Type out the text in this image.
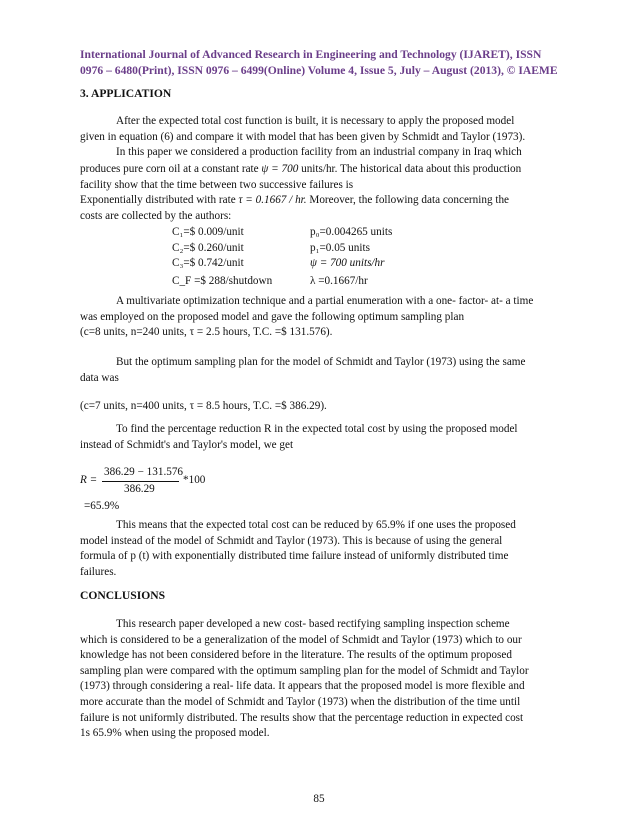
International Journal of Advanced Research in Engineering and Technology (IJARET), ISSN
0976 – 6480(Print), ISSN 0976 – 6499(Online) Volume 4, Issue 5, July – August (2013), © IAEME
3. APPLICATION
After the expected total cost function is built, it is necessary to apply the proposed model
given in equation (6) and compare it with model that has been given by Schmidt and Taylor (1973).
In this paper we considered a production facility from an industrial company in Iraq which
produces pure corn oil at a constant rate ψ = 700 units/hr. The historical data about this production
facility show that the time between two successive failures is
Exponentially distributed with rate τ = 0.1667 / hr. Moreover, the following data concerning the
costs are collected by the authors:
C₁=$ 0.009/unit	p₀=0.004265 units
C₂=$ 0.260/unit	p₁=0.05 units
C₃=$ 0.742/unit	ψ = 700 units/hr
C_F =$ 288/shutdown	λ =0.1667/hr
A multivariate optimization technique and a partial enumeration with a one- factor- at- a time
was employed on the proposed model and gave the following optimum sampling plan
(c=8 units, n=240 units, τ = 2.5 hours, T.C. =$ 131.576).
But the optimum sampling plan for the model of Schmidt and Taylor (1973) using the same
data was
(c=7 units, n=400 units, τ = 8.5 hours, T.C. =$ 386.29).
To find the percentage reduction R in the expected total cost by using the proposed model
instead of Schmidt's and Taylor's model, we get
R =
386.29 − 131.576
*100
386.29
=65.9%
This means that the expected total cost can be reduced by 65.9% if one uses the proposed
model instead of the model of Schmidt and Taylor (1973). This is because of using the general
formula of p (t) with exponentially distributed time failure instead of uniformly distributed time
failures.
CONCLUSIONS
This research paper developed a new cost- based rectifying sampling inspection scheme
which is considered to be a generalization of the model of Schmidt and Taylor (1973) which to our
knowledge has not been considered before in the literature. The results of the optimum proposed
sampling plan were compared with the optimum sampling plan for the model of Schmidt and Taylor
(1973) through considering a real- life data. It appears that the proposed model is more flexible and
more accurate than the model of Schmidt and Taylor (1973) when the distribution of the time until
failure is not uniformly distributed. The results show that the percentage reduction in expected cost
1s 65.9% when using the proposed model.
85
